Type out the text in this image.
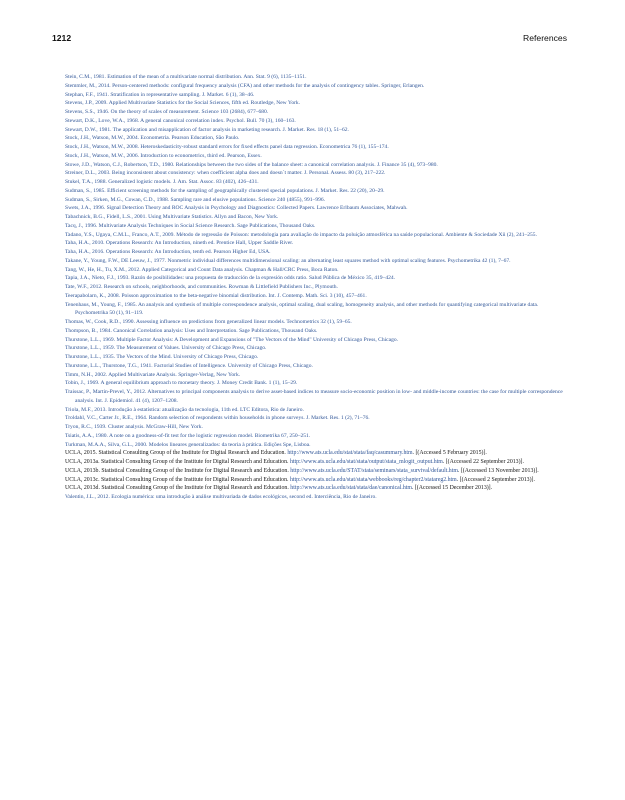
1212	References
Stein, C.M., 1981. Estimation of the mean of a multivariate normal distribution. Ann. Stat. 9 (6), 1135–1151.
Stemmler, M., 2014. Person-centered methods: configural frequency analysis (CFA) and other methods for the analysis of contingency tables. Springer, Erlangen.
Stephan, F.F., 1941. Stratification in representative sampling. J. Market. 6 (1), 38–46.
Stevens, J.P., 2009. Applied Multivariate Statistics for the Social Sciences, fifth ed. Routledge, New York.
Stevens, S.S., 1946. On the theory of scales of measurement. Science 103 (2684), 677–680.
Stewart, D.K., Love, W.A., 1968. A general canonical correlation index. Psychol. Bull. 70 (3), 160–163.
Stewart, D.W., 1981. The application and misapplication of factor analysis in marketing research. J. Market. Res. 18 (1), 51–62.
Stock, J.H., Watson, M.W., 2004. Econometria. Pearson Education, São Paulo.
Stock, J.H., Watson, M.W., 2008. Heteroskedasticity-robust standard errors for fixed effects panel data regression. Econometrica 76 (1), 155–174.
Stock, J.H., Watson, M.W., 2006. Introduction to econometrics, third ed. Pearson, Essex.
Stowe, J.D., Watson, C.J., Robertson, T.D., 1980. Relationships between the two sides of the balance sheet: a canonical correlation analysis. J. Finance 35 (4), 973–980.
Streiner, D.L., 2003. Being inconsistent about consistency: when coefficient alpha does and doesn´t matter. J. Personal. Assess. 80 (3), 217–222.
Stukel, T.A., 1988. Generalized logistic models. J. Am. Stat. Assoc. 83 (402), 426–431.
Sudman, S., 1985. Efficient screening methods for the sampling of geographically clustered special populations. J. Market. Res. 22 (20), 20–29.
Sudman, S., Sirken, M.G., Cowan, C.D., 1988. Sampling rare and elusive populations. Science 240 (4855), 991–996.
Swets, J.A., 1996. Signal Detection Theory and ROC Analysis in Psychology and Diagnostics: Collected Papers. Lawrence Erlbaum Associates, Mahwah.
Tabachnick, B.G., Fidell, L.S., 2001. Using Multivariate Statistics. Allyn and Bacon, New York.
Tacq, J., 1996. Multivariate Analysis Techniques in Social Science Research. Sage Publications, Thousand Oaks.
Tadano, Y.S., Ugaya, C.M.L., Franco, A.T., 2009. Método de regressão de Poisson: metodologia para avaliação do impacto da poluição atmosférica na saúde populacional. Ambiente & Sociedade Xii (2), 241–255.
Taha, H.A., 2010. Operations Research: An Introduction, nineth ed. Prentice Hall, Upper Saddle River.
Taha, H.A., 2016. Operations Research: An Introduction, tenth ed. Pearson Higher Ed, USA.
Takane, Y., Young, F.W., DE Leeuw, J., 1977. Nonmetric individual differences multidimensional scaling: an alternating least squares method with optimal scaling features. Psychometrika 42 (1), 7–67.
Tang, W., He, H., Tu, X.M., 2012. Applied Categorical and Count Data analysis. Chapman & Hall/CRC Press, Boca Raton.
Tapia, J.A., Nieto, F.J., 1993. Razón de posibilidades: una propuesta de traducción de la expresión odds ratio. Salud Pública de México 35, 419–424.
Tate, W.F., 2012. Research on schools, neighborhoods, and communities. Rowman & Littlefield Publishers Inc., Plymouth.
Teerapabolarn, K., 2008. Poisson approximation to the beta-negative binomial distribution. Int. J. Contemp. Math. Sci. 3 (10), 457–461.
Tenenhaus, M., Young, F., 1985. An analysis and synthesis of multiple correspondence analysis, optimal scaling, dual scaling, homogeneity analysis, and other methods for quantifying categorical multivariate data. Psychometrika 50 (1), 91–119.
Thomas, W., Cook, R.D., 1990. Assessing influence on predictions from generalized linear models. Technometrics 32 (1), 59–65.
Thompson, B., 1984. Canonical Correlation analysis: Uses and Interpretation. Sage Publications, Thousand Oaks.
Thurstone, L.L., 1969. Multiple Factor Analysis: A Development and Expansions of "The Vectors of the Mind" University of Chicago Press, Chicago.
Thurstone, L.L., 1959. The Measurement of Values. University of Chicago Press, Chicago.
Thurstone, L.L., 1935. The Vectors of the Mind. University of Chicago Press, Chicago.
Thurstone, L.L., Thurstone, T.G., 1941. Factorial Studies of Intelligence. University of Chicago Press, Chicago.
Timm, N.H., 2002. Applied Multivariate Analysis. Springer-Verlag, New York.
Tobin, J., 1969. A general equilibrium approach to monetary theory. J. Money Credit Bank. 1 (1), 15–29.
Traissac, P., Martin-Prevel, Y., 2012. Alternatives to principal components analysis to derive asset-based indices to measure socio-economic position in low- and middle-income countries: the case for multiple correspondence analysis. Int. J. Epidemiol. 41 (4), 1207–1208.
Triola, M.F., 2013. Introdução à estatística: atualização da tecnologia, 11th ed. LTC Editora, Rio de Janeiro.
Troldahl, V.C., Carter Jr., R.E., 1964. Random selection of respondents within households in phone surveys. J. Market. Res. 1 (2), 71–76.
Tryon, R.C., 1939. Cluster analysis. McGraw-Hill, New York.
Tsiatis, A.A., 1980. A note on a goodness-of-fit test for the logistic regression model. Biometrika 67, 250–251.
Turkman, M.A.A., Silva, G.L., 2000. Modelos lineares generalizados: da teoria à prática. Edições Spe, Lisboa.
UCLA, 2015. Statistical Consulting Group of the Institute for Digital Research and Education. http://www.ats.ucla.edu/stat/stata/faq/casummary.htm. [(Accessed 5 February 2015)].
UCLA, 2013a. Statistical Consulting Group of the Institute for Digital Research and Education. http://www.ats.ucla.edu/stat/stata/output/stata_mlogit_output.htm. [(Accessed 22 September 2013)].
UCLA, 2013b. Statistical Consulting Group of the Institute for Digital Research and Education. http://www.ats.ucla.edu/STAT/stata/seminars/stata_survival/default.htm. [(Accessed 13 November 2013)].
UCLA, 2013c. Statistical Consulting Group of the Institute for Digital Research and Education. http://www.ats.ucla.edu/stat/stata/webbooks/reg/chapter2/statareg2.htm. [(Accessed 2 September 2013)].
UCLA, 2013d. Statistical Consulting Group of the Institute for Digital Research and Education. http://www.ats.ucla.edu/stat/stata/dae/canonical.htm. [(Accessed 15 December 2013)].
Valentin, J.L., 2012. Ecologia numérica: uma introdução à análise multivariada de dados ecológicos, second ed. Interciência, Rio de Janeiro.
